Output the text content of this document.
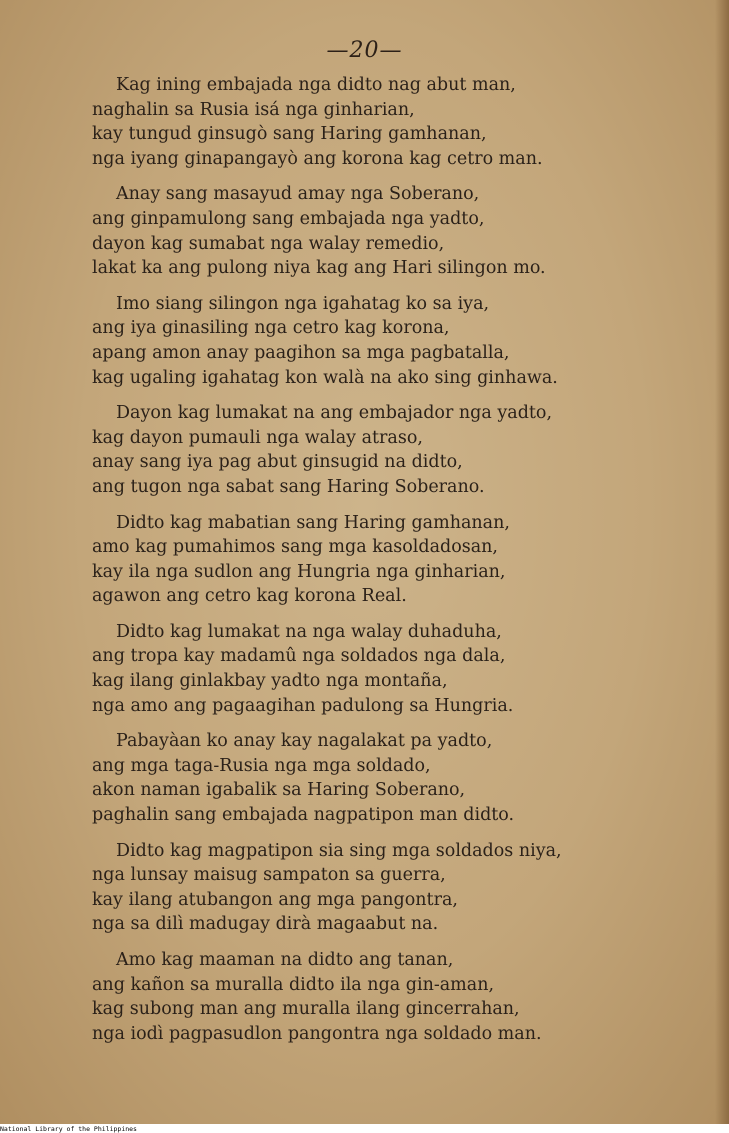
—20—
Kag ining embajada nga didto nag abut man,
naghalin sa Rusia isá nga ginharian,
kay tungud ginsugò sang Haring gamhanan,
nga iyang ginapangayò ang korona kag cetro man.
Anay sang masayud amay nga Soberano,
ang ginpamulong sang embajada nga yadto,
dayon kag sumabat nga walay remedio,
lakat ka ang pulong niya kag ang Hari silingon mo.
Imo siang silingon nga igahatag ko sa iya,
ang iya ginasiling nga cetro kag korona,
apang amon anay paagihon sa mga pagbatalla,
kag ugaling igahatag kon walà na ako sing ginhawa.
Dayon kag lumakat na ang embajador nga yadto,
kag dayon pumauli nga walay atraso,
anay sang iya pag abut ginsugid na didto,
ang tugon nga sabat sang Haring Soberano.
Didto kag mabatian sang Haring gamhanan,
amo kag pumahimos sang mga kasoldadosan,
kay ila nga sudlon ang Hungria nga ginharian,
agawon ang cetro kag korona Real.
Didto kag lumakat na nga walay duhaduha,
ang tropa kay madamû nga soldados nga dala,
kag ilang ginlakbay yadto nga montaña,
nga amo ang pagaagihan padulong sa Hungria.
Pabayàan ko anay kay nagalakat pa yadto,
ang mga taga-Rusia nga mga soldado,
akon naman igabalik sa Haring Soberano,
paghalin sang embajada nagpatipon man didto.
Didto kag magpatipon sia sing mga soldados niya,
nga lunsay maisug sampaton sa guerra,
kay ilang atubangon ang mga pangontra,
nga sa dilì madugay dirà magaabut na.
Amo kag maaman na didto ang tanan,
ang kañon sa muralla didto ila nga gin-aman,
kag subong man ang muralla ilang gincerrahan,
nga iodì pagpasudlon pangontra nga soldado man.
National Library of the Philippines
